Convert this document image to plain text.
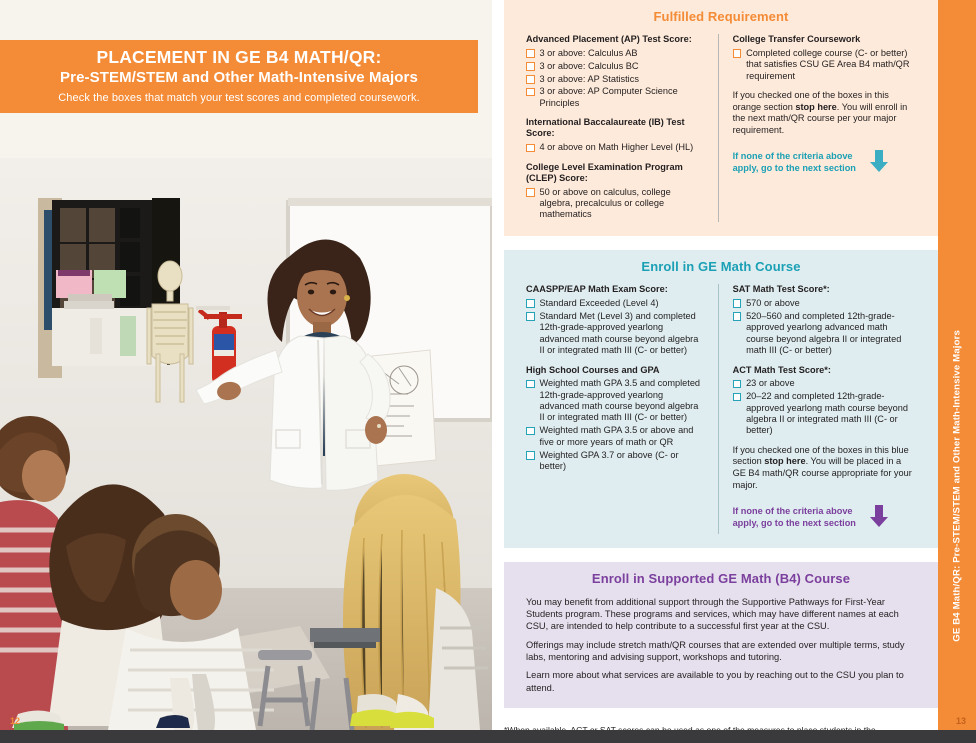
PLACEMENT IN GE B4 MATH/QR:
Pre-STEM/STEM and Other Math-Intensive Majors
Check the boxes that match your test scores and completed coursework.
12
Fulfilled Requirement
Advanced Placement (AP) Test Score:
3 or above: Calculus AB
3 or above: Calculus BC
3 or above: AP Statistics
3 or above: AP Computer Science Principles
International Baccalaureate (IB) Test Score:
4 or above on Math Higher Level (HL)
College Level Examination Program (CLEP) Score:
50 or above on calculus, college algebra, precalculus or college mathematics
College Transfer Coursework
Completed college course (C- or better) that satisfies CSU GE Area B4 math/QR requirement
If you checked one of the boxes in this orange section stop here. You will enroll in the next math/QR course per your major requirement.
If none of the criteria above
apply, go to the next section
Enroll in GE Math Course
CAASPP/EAP Math Exam Score:
Standard Exceeded (Level 4)
Standard Met (Level 3) and completed 12th-grade-approved yearlong advanced math course beyond algebra II or integrated math III (C- or better)
High School Courses and GPA
Weighted math GPA 3.5 and completed 12th-grade-approved yearlong advanced math course beyond algebra II or integrated math III (C- or better)
Weighted math GPA 3.5 or above and five or more years of math or QR
Weighted GPA 3.7 or above (C- or better)
SAT Math Test Score*:
570 or above
520–560 and completed 12th-grade-approved yearlong advanced math course beyond algebra II or integrated math III (C- or better)
ACT Math Test Score*:
23 or above
20–22 and completed 12th-grade-approved yearlong math course beyond algebra II or integrated math III (C- or better)
If you checked one of the boxes in this blue section stop here. You will be placed in a GE B4 math/QR course appropriate for your major.
If none of the criteria above
apply, go to the next section
Enroll in Supported GE Math (B4) Course
You may benefit from additional support through the Supportive Pathways for First-Year Students program. These programs and services, which may have different names at each CSU, are intended to help contribute to a successful first year at the CSU.
Offerings may include stretch math/QR courses that are extended over multiple terms, study labs, mentoring and advising support, workshops and tutoring.
Learn more about what services are available to you by reaching out to the CSU you plan to attend.
GE B4 Math/QR: Pre-STEM/STEM and Other Math-Intensive Majors
13
